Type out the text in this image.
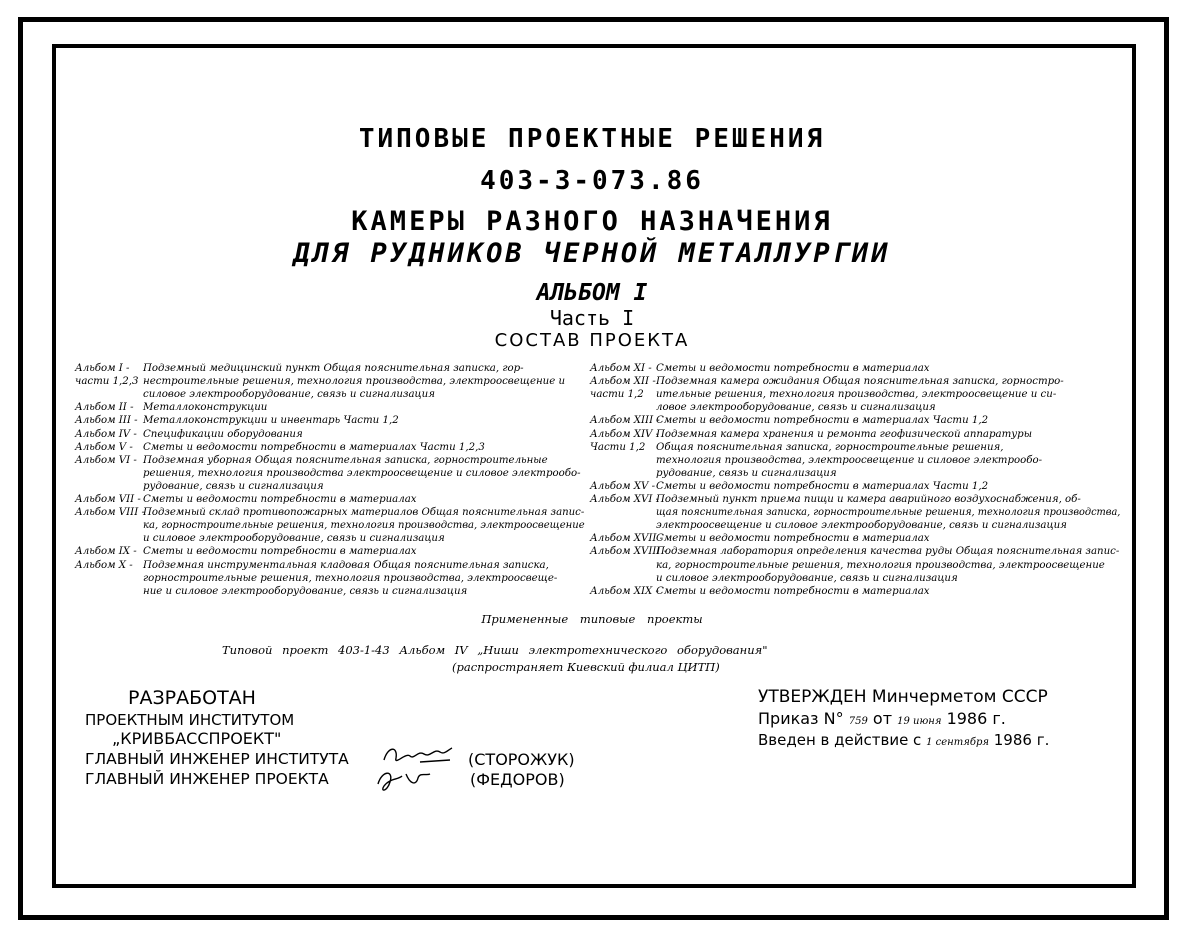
ТИПОВЫЕ ПРОЕКТНЫЕ РЕШЕНИЯ
403-3-073.86
КАМЕРЫ РАЗНОГО НАЗНАЧЕНИЯ
ДЛЯ РУДНИКОВ ЧЕРНОЙ МЕТАЛЛУРГИИ
АЛЬБОМ I
Часть I
СОСТАВ ПРОЕКТА
Альбом I - Подземный медицинский пункт Общая пояснительная записка, гор-
части 1,2,3 нестроительные решения, технология производства, электроосвещение и
силовое электрооборудование, связь и сигнализация
Альбом II - Металлоконструкции
Альбом III - Металлоконструкции и инвентарь Части 1,2
Альбом IV - Спецификации оборудования
Альбом V - Сметы и ведомости потребности в материалах Части 1,2,3
Альбом VI - Подземная уборная Общая пояснительная записка, горностроительные
решения, технология производства электроосвещение и силовое электрообо-
рудование, связь и сигнализация
Альбом VII - Сметы и ведомости потребности в материалах
Альбом VIII -
Подземный склад противопожарных материалов Общая пояснительная запис-
ка, горностроительные решения, технология производства, электроосвещение
и силовое электрооборудование, связь и сигнализация
Альбом IX - Сметы и ведомости потребности в материалах
Альбом X - Подземная инструментальная кладовая Общая пояснительная записка,
горностроительные решения, технология производства, электроосвеще-
ние и силовое электрооборудование, связь и сигнализация
Альбом XI - Сметы и ведомости потребности в материалах
Альбом XII - Подземная камера ожидания Общая пояснительная записка, горностро-
части 1,2 ительные решения, технология производства, электроосвещение и си-
ловое электрооборудование, связь и сигнализация
Альбом XIII -
Сметы и ведомости потребности в материалах Части 1,2
Альбом XIV -
Подземная камера хранения и ремонта геофизической аппаратуры
Части 1,2 Общая пояснительная записка, горностроительные решения,
технология производства, электроосвещение и силовое электрообо-
рудование, связь и сигнализация
Альбом XV - Сметы и ведомости потребности в материалах Части 1,2
Альбом XVI -
Подземный пункт приема пищи и камера аварийного воздухоснабжения, об-
щая пояснительная записка, горностроительные решения, технология производства,
электроосвещение и силовое электрооборудование, связь и сигнализация
Альбом XVII -
Сметы и ведомости потребности в материалах
Альбом XVIII -
Подземная лаборатория определения качества руды Общая пояснительная запис-
ка, горностроительные решения, технология производства, электроосвещение
и силовое электрооборудование, связь и сигнализация
Альбом XIX -
Сметы и ведомости потребности в материалах
Примененные типовые проекты
Типовой проект 403-1-43 Альбом IV „Ниши электротехнического оборудования"
(распространяет Киевский филиал ЦИТП)
РАЗРАБОТАН
ПРОЕКТНЫМ ИНСТИТУТОМ
„КРИВБАССПРОЕКТ"
ГЛАВНЫЙ ИНЖЕНЕР ИНСТИТУТА
ГЛАВНЫЙ ИНЖЕНЕР ПРОЕКТА
(СТОРОЖУК)
(ФЕДОРОВ)
УТВЕРЖДЕН Минчерметом СССР
Приказ N° 759 от 19 июня 1986 г.
Введен в действие с 1 сентября 1986 г.
